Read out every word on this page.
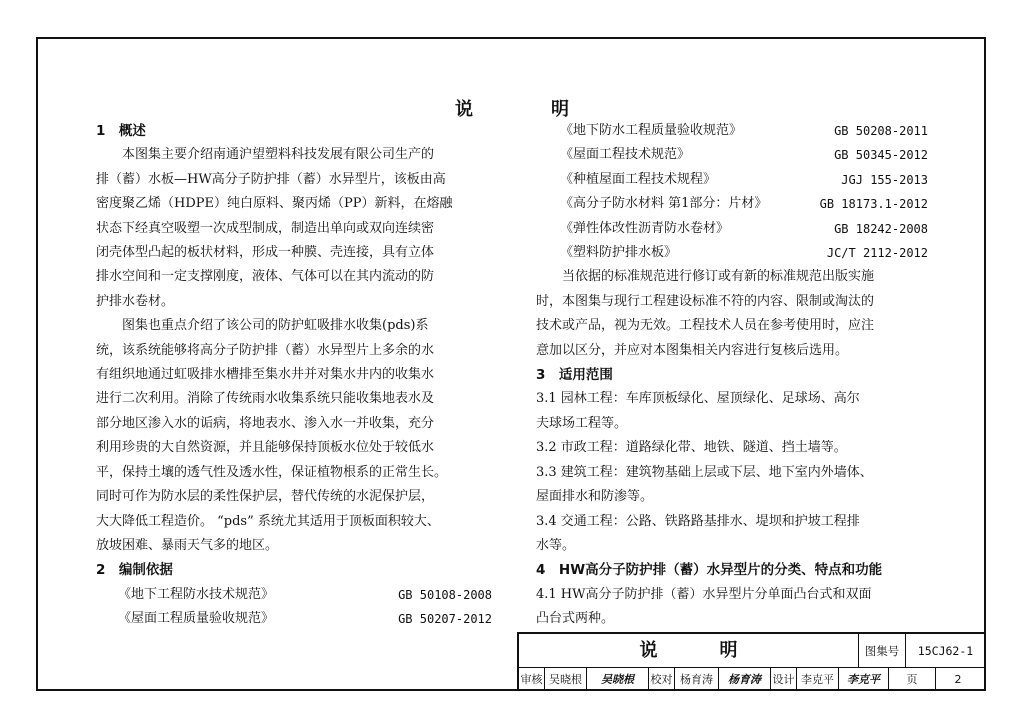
说　明
1　概述
本图集主要介绍南通沪望塑料科技发展有限公司生产的
排（蓄）水板—HW高分子防护排（蓄）水异型片，该板由高
密度聚乙烯（HDPE）纯白原料、聚丙烯（PP）新料，在熔融
状态下经真空吸塑一次成型制成，制造出单向或双向连续密
闭壳体型凸起的板状材料，形成一种膜、壳连接，具有立体
排水空间和一定支撑刚度，液体、气体可以在其内流动的防
护排水卷材。
图集也重点介绍了该公司的防护虹吸排水收集(pds)系
统，该系统能够将高分子防护排（蓄）水异型片上多余的水
有组织地通过虹吸排水槽排至集水井并对集水井内的收集水
进行二次利用。消除了传统雨水收集系统只能收集地表水及
部分地区渗入水的诟病，将地表水、渗入水一并收集，充分
利用珍贵的大自然资源，并且能够保持顶板水位处于较低水
平，保持土壤的透气性及透水性，保证植物根系的正常生长。
同时可作为防水层的柔性保护层，替代传统的水泥保护层，
大大降低工程造价。 “pds” 系统尤其适用于顶板面积较大、
放坡困难、暴雨天气多的地区。
2　编制依据
《地下工程防水技术规范》	GB 50108-2008
《屋面工程质量验收规范》	GB 50207-2012
《地下防水工程质量验收规范》	GB 50208-2011
《屋面工程技术规范》	GB 50345-2012
《种植屋面工程技术规程》	JGJ 155-2013
《高分子防水材料 第1部分：片材》	GB 18173.1-2012
《弹性体改性沥青防水卷材》	GB 18242-2008
《塑料防护排水板》	JC/T 2112-2012
当依据的标准规范进行修订或有新的标准规范出版实施
时，本图集与现行工程建设标准不符的内容、限制或淘汰的
技术或产品，视为无效。工程技术人员在参考使用时，应注
意加以区分，并应对本图集相关内容进行复核后选用。
3　适用范围
3.1 园林工程：车库顶板绿化、屋顶绿化、足球场、高尔
夫球场工程等。
3.2 市政工程：道路绿化带、地铁、隧道、挡土墙等。
3.3 建筑工程：建筑物基础上层或下层、地下室内外墙体、
屋面排水和防渗等。
3.4 交通工程：公路、铁路路基排水、堤坝和护坡工程排
水等。
4　HW高分子防护排（蓄）水异型片的分类、特点和功能
4.1 HW高分子防护排（蓄）水异型片分单面凸台式和双面
凸台式两种。
说　明	图集号	15CJ62-1
审核 吴晓根	吴晓根	校对 杨育涛	杨育涛	设计 李克平	李克平	页	2
